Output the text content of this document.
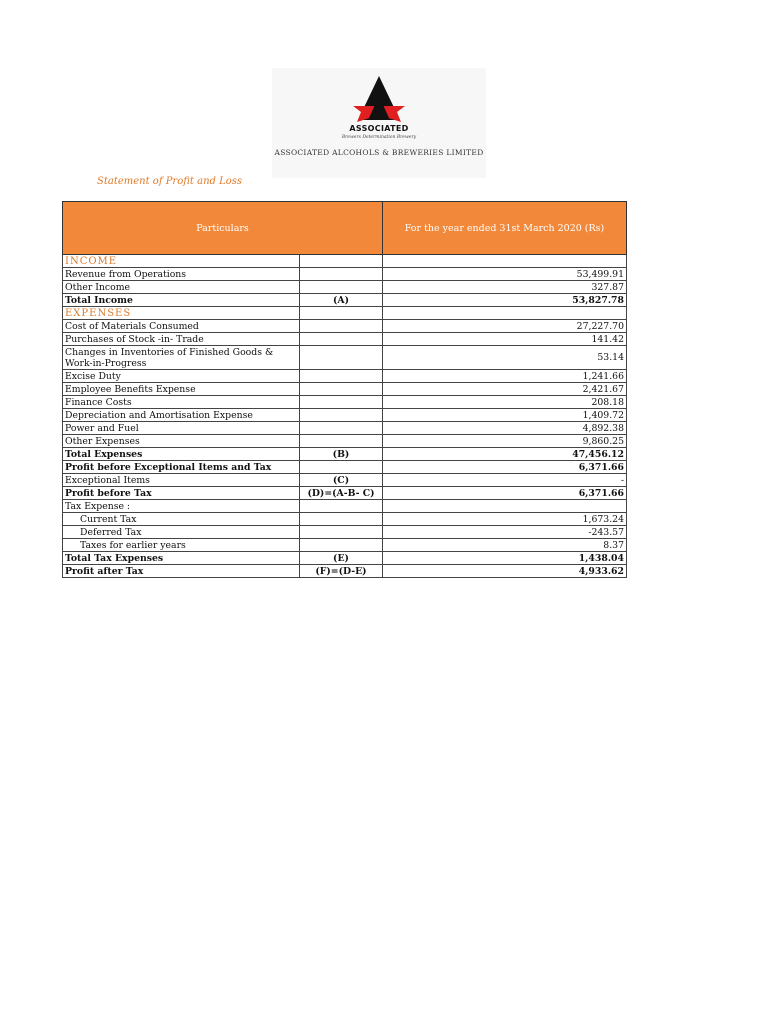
ASSOCIATED
Brewers Determination Brewery
ASSOCIATED ALCOHOLS & BREWERIES LIMITED
Statement of Profit and Loss
Particulars		For the year ended 31st March 2020 (Rs)
INCOME		
Revenue from Operations		53,499.91
Other Income		327.87
Total Income	(A)	53,827.78
EXPENSES		
Cost of Materials Consumed		27,227.70
Purchases of Stock -in- Trade		141.42
Changes in Inventories of Finished Goods & Work-in-Progress		53.14
Excise Duty		1,241.66
Employee Benefits Expense		2,421.67
Finance Costs		208.18
Depreciation and Amortisation Expense		1,409.72
Power and Fuel		4,892.38
Other Expenses		9,860.25
Total Expenses	(B)	47,456.12
Profit before Exceptional Items and Tax		6,371.66
Exceptional Items	(C)	-
Profit before Tax	(D)=(A-B- C)	6,371.66
Tax Expense :		
Current Tax		1,673.24
Deferred Tax		-243.57
Taxes for earlier years		8.37
Total Tax Expenses	(E)	1,438.04
Profit after Tax	(F)=(D-E)	4,933.62
